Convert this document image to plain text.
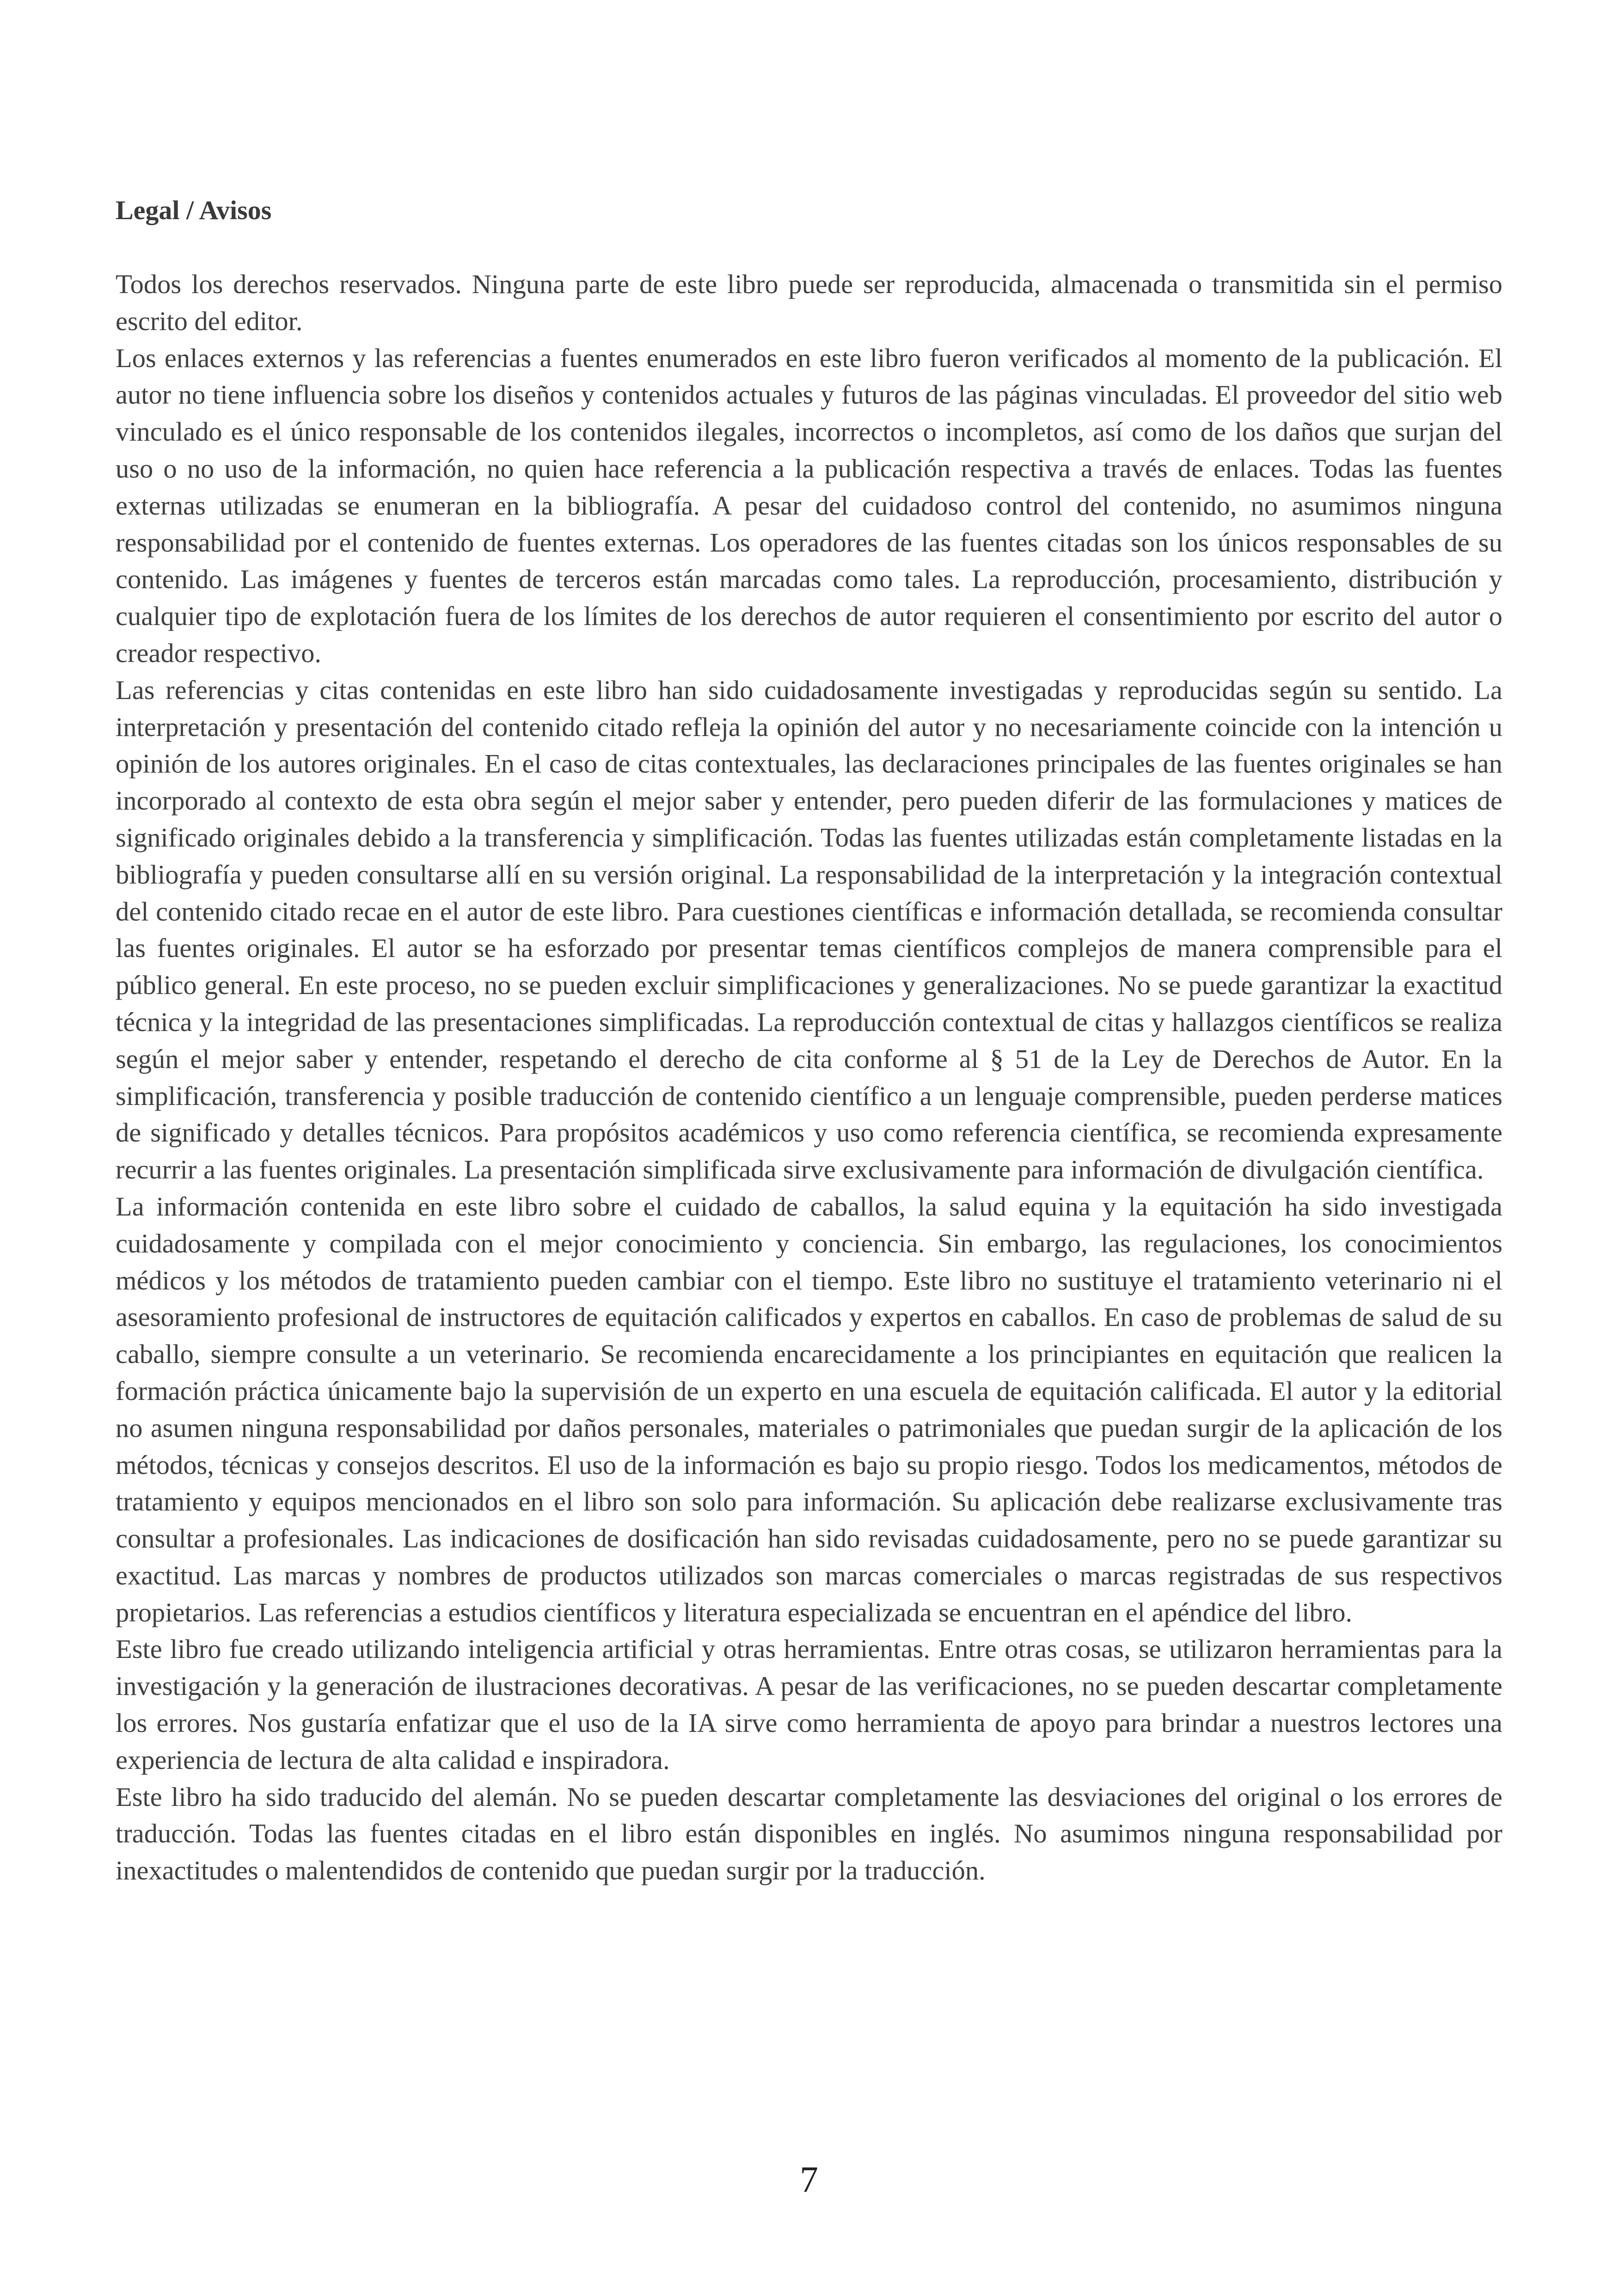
Legal / Avisos

Todos los derechos reservados. Ninguna parte de este libro puede ser reproducida, almacenada o transmitida sin el permiso escrito del editor.

Los enlaces externos y las referencias a fuentes enumerados en este libro fueron verificados al momento de la publicación. El autor no tiene influencia sobre los diseños y contenidos actuales y futuros de las páginas vinculadas. El proveedor del sitio web vinculado es el único responsable de los contenidos ilegales, incorrectos o incompletos, así como de los daños que surjan del uso o no uso de la información, no quien hace referencia a la publicación respectiva a través de enlaces. Todas las fuentes externas utilizadas se enumeran en la bibliografía. A pesar del cuidadoso control del contenido, no asumimos ninguna responsabilidad por el contenido de fuentes externas. Los operadores de las fuentes citadas son los únicos responsables de su contenido. Las imágenes y fuentes de terceros están marcadas como tales. La reproducción, procesamiento, distribución y cualquier tipo de explotación fuera de los límites de los derechos de autor requieren el consentimiento por escrito del autor o creador respectivo.

Las referencias y citas contenidas en este libro han sido cuidadosamente investigadas y reproducidas según su sentido. La interpretación y presentación del contenido citado refleja la opinión del autor y no necesariamente coincide con la intención u opinión de los autores originales. En el caso de citas contextuales, las declaraciones principales de las fuentes originales se han incorporado al contexto de esta obra según el mejor saber y entender, pero pueden diferir de las formulaciones y matices de significado originales debido a la transferencia y simplificación. Todas las fuentes utilizadas están completamente listadas en la bibliografía y pueden consultarse allí en su versión original. La responsabilidad de la interpretación y la integración contextual del contenido citado recae en el autor de este libro. Para cuestiones científicas e información detallada, se recomienda consultar las fuentes originales. El autor se ha esforzado por presentar temas científicos complejos de manera comprensible para el público general. En este proceso, no se pueden excluir simplificaciones y generalizaciones. No se puede garantizar la exactitud técnica y la integridad de las presentaciones simplificadas. La reproducción contextual de citas y hallazgos científicos se realiza según el mejor saber y entender, respetando el derecho de cita conforme al § 51 de la Ley de Derechos de Autor. En la simplificación, transferencia y posible traducción de contenido científico a un lenguaje comprensible, pueden perderse matices de significado y detalles técnicos. Para propósitos académicos y uso como referencia científica, se recomienda expresamente recurrir a las fuentes originales. La presentación simplificada sirve exclusivamente para información de divulgación científica.

La información contenida en este libro sobre el cuidado de caballos, la salud equina y la equitación ha sido investigada cuidadosamente y compilada con el mejor conocimiento y conciencia. Sin embargo, las regulaciones, los conocimientos médicos y los métodos de tratamiento pueden cambiar con el tiempo. Este libro no sustituye el tratamiento veterinario ni el asesoramiento profesional de instructores de equitación calificados y expertos en caballos. En caso de problemas de salud de su caballo, siempre consulte a un veterinario. Se recomienda encarecidamente a los principiantes en equitación que realicen la formación práctica únicamente bajo la supervisión de un experto en una escuela de equitación calificada. El autor y la editorial no asumen ninguna responsabilidad por daños personales, materiales o patrimoniales que puedan surgir de la aplicación de los métodos, técnicas y consejos descritos. El uso de la información es bajo su propio riesgo. Todos los medicamentos, métodos de tratamiento y equipos mencionados en el libro son solo para información. Su aplicación debe realizarse exclusivamente tras consultar a profesionales. Las indicaciones de dosificación han sido revisadas cuidadosamente, pero no se puede garantizar su exactitud. Las marcas y nombres de productos utilizados son marcas comerciales o marcas registradas de sus respectivos propietarios. Las referencias a estudios científicos y literatura especializada se encuentran en el apéndice del libro.

Este libro fue creado utilizando inteligencia artificial y otras herramientas. Entre otras cosas, se utilizaron herramientas para la investigación y la generación de ilustraciones decorativas. A pesar de las verificaciones, no se pueden descartar completamente los errores. Nos gustaría enfatizar que el uso de la IA sirve como herramienta de apoyo para brindar a nuestros lectores una experiencia de lectura de alta calidad e inspiradora.

Este libro ha sido traducido del alemán. No se pueden descartar completamente las desviaciones del original o los errores de traducción. Todas las fuentes citadas en el libro están disponibles en inglés. No asumimos ninguna responsabilidad por inexactitudes o malentendidos de contenido que puedan surgir por la traducción.

7
